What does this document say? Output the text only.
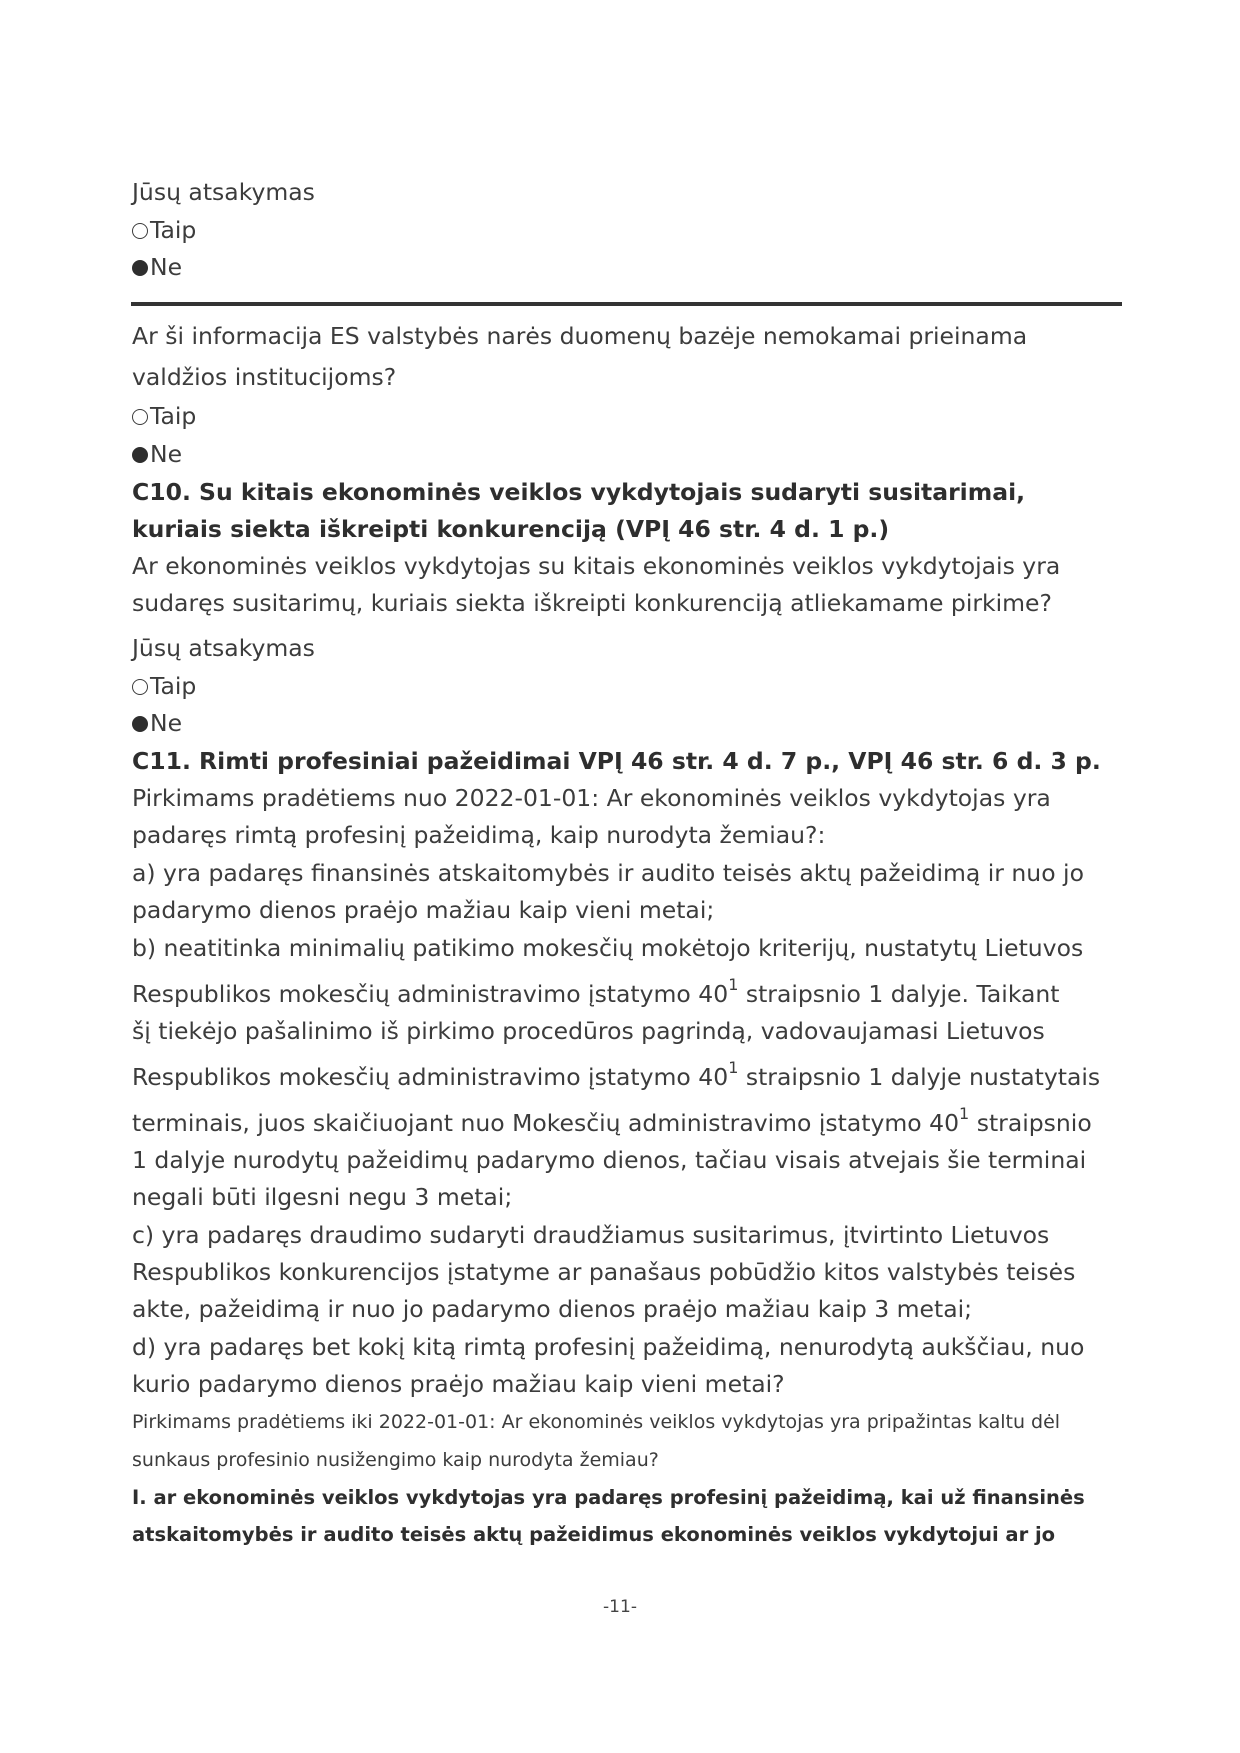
Jūsų atsakymas
Taip
Ne
Ar ši informacija ES valstybės narės duomenų bazėje nemokamai prieinama
valdžios institucijoms?
Taip
Ne
C10. Su kitais ekonominės veiklos vykdytojais sudaryti susitarimai,
kuriais siekta iškreipti konkurenciją (VPĮ 46 str. 4 d. 1 p.)
Ar ekonominės veiklos vykdytojas su kitais ekonominės veiklos vykdytojais yra
sudaręs susitarimų, kuriais siekta iškreipti konkurenciją atliekamame pirkime?
Jūsų atsakymas
Taip
Ne
C11. Rimti profesiniai pažeidimai VPĮ 46 str. 4 d. 7 p., VPĮ 46 str. 6 d. 3 p.
Pirkimams pradėtiems nuo 2022-01-01: Ar ekonominės veiklos vykdytojas yra
padaręs rimtą profesinį pažeidimą, kaip nurodyta žemiau?:
a) yra padaręs finansinės atskaitomybės ir audito teisės aktų pažeidimą ir nuo jo
padarymo dienos praėjo mažiau kaip vieni metai;
b) neatitinka minimalių patikimo mokesčių mokėtojo kriterijų, nustatytų Lietuvos
Respublikos mokesčių administravimo įstatymo $40^1$ straipsnio 1 dalyje. Taikant
šį tiekėjo pašalinimo iš pirkimo procedūros pagrindą, vadovaujamasi Lietuvos
Respublikos mokesčių administravimo įstatymo $40^1$ straipsnio 1 dalyje nustatytais
terminais, juos skaičiuojant nuo Mokesčių administravimo įstatymo $40^1$ straipsnio
1 dalyje nurodytų pažeidimų padarymo dienos, tačiau visais atvejais šie terminai
negali būti ilgesni negu 3 metai;
c) yra padaręs draudimo sudaryti draudžiamus susitarimus, įtvirtinto Lietuvos
Respublikos konkurencijos įstatyme ar panašaus pobūdžio kitos valstybės teisės
akte, pažeidimą ir nuo jo padarymo dienos praėjo mažiau kaip 3 metai;
d) yra padaręs bet kokį kitą rimtą profesinį pažeidimą, nenurodytą aukščiau, nuo
kurio padarymo dienos praėjo mažiau kaip vieni metai?
Pirkimams pradėtiems iki 2022-01-01: Ar ekonominės veiklos vykdytojas yra pripažintas kaltu dėl
sunkaus profesinio nusižengimo kaip nurodyta žemiau?
I. ar ekonominės veiklos vykdytojas yra padaręs profesinį pažeidimą, kai už finansinės
atskaitomybės ir audito teisės aktų pažeidimus ekonominės veiklos vykdytojui ar jo
-11-
